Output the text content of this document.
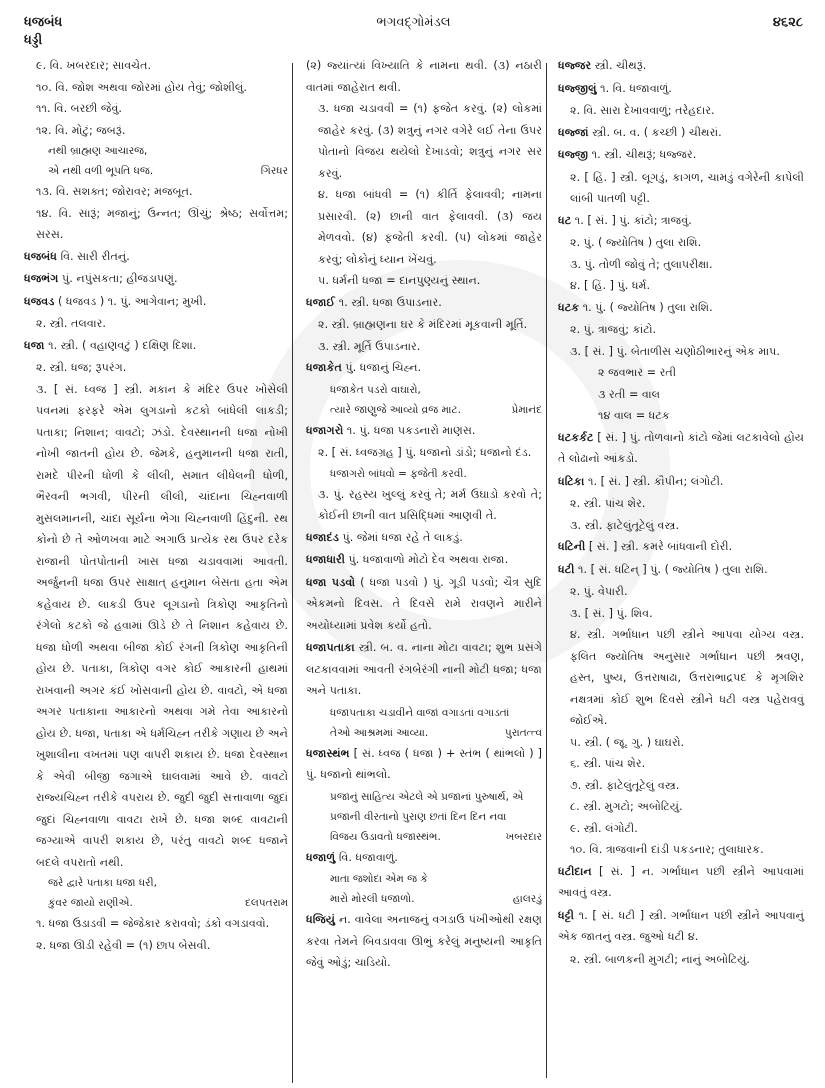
ધજબંધ	ભગવદ્ગોમંડલ	૪૬૨૮
ધડ્ડી
૯. વિ. ખબરદાર; સાવચેત.
૧૦. વિ. જોશ અથવા જોરમાં હોય તેવું; જોશીલું.
૧૧. વિ. બરછી જેવું.
૧૨. વિ. મોટું; જબરૂં.
નથી બ્રાહ્મણ આચારજ,
એ નથી વળી ભૂપતિ ધજ.	ગિરધર
૧૩. વિ. સશક્ત; જોરાવર; મજબૂત.
૧૪. વિ. સારૂં; મજાનું; ઉન્નત; ઊંચું; શ્રેષ્ઠ; સર્વોત્તમ; સરસ.
ધજબંધ વિ. સારી રીતનું.
ધજભંગ પું. નપુંસકતા; હીજડાપણું.
ધજવડ ( ધજવડ ) ૧. પું. આગેવાન; મુખી.
૨. સ્ત્રી. તલવાર.
ધજા ૧. સ્ત્રી. ( વહાણવટું ) દક્ષિણ દિશા.
૨. સ્ત્રી. ધજ; રૂપરંગ.
૩. [ સં. ધ્વજ ] સ્ત્રી. મકાન કે મંદિર ઉપર ખોસેલી પવનમાં ફરફરે એમ લુગડાનો કટકો બાંધેલી લાકડી; પતાકા; નિશાન; વાવટો; ઝંડો. દેવસ્થાનની ધજા નોખી નોખી જાતની હોય છે. જેમકે, હનુમાનની ધજા રાતી, રામદે પીરની ધોળી કે લીલી, સમાત લીધેલની ધોળી, ભૈરવની ભગવી, પીરની લીલી, ચાંદાના ચિહ્નવાળી મુસલમાનની, ચાંદા સૂર્યના ભેગા ચિહ્નવાળી હિંદુની. રથ કોનો છે તે ઓળખવા માટે અગાઉ પ્રત્યેક રથ ઉપર દરેક રાજાની પોતપોતાની ખાસ ધજા ચડાવવામાં આવતી. અર્જુનની ધજા ઉપર સાક્ષાત્ હનુમાન બેસતા હતા એમ કહેવાય છે. લાકડી ઉપર લૂગડાનો ત્રિકોણ આકૃતિનો રંગેલો કટકો જે હવામાં ઊડે છે તે નિશાન કહેવાય છે. ધજા ધોળી અથવા બીજા કોઈ રંગની ત્રિકોણ આકૃતિની હોય છે. પતાકા, ત્રિકોણ વગર કોઈ આકારની હાથમાં રાખવાની અગર કંઈ ખોસવાની હોય છે. વાવટો, એ ધજા અગર પતાકાના આકારનો અથવા ગમે તેવા આકારનો હોય છે. ધજા, પતાકા એ ધર્મચિહ્ન તરીકે ગણાય છે અને ખુશાલીના વખતમાં પણ વાપરી શકાય છે. ધજા દેવસ્થાન કે એવી બીજી જગાએ ઘાલવામાં આવે છે. વાવટો રાજ્યચિહ્ન તરીકે વપરાય છે. જુદી જુદી સત્તાવાળા જુદાં જુદાં ચિહ્નવાળા વાવટા રાખે છે. ધજા શબ્દ વાવટાની જગ્યાએ વાપરી શકાય છે, પરંતુ વાવટો શબ્દ ધજાને બદલે વપરાતો નથી.
જરે દ્વારે પતાકા ધજા ધરી,
કુંવર જાયો રાણીએ.	દલપતરામ
૧. ધજા ઉડાડવી = જેજેકાર કરાવવો; ડંકો વગડાવવો.
૨. ધજા ઊડી રહેવી = (૧) છાપ બેસવી.
(૨) જ્યાંત્યાં વિખ્યાતિ કે નામના થવી. (૩) નઠારી વાતમાં જાહેરાત થવી.
૩. ધજા ચડાવવી = (૧) ફજેત કરવું. (૨) લોકમાં જાહેર કરવું. (૩) શત્રુનું નગર વગેરે લઈ તેના ઉપર પોતાનો વિજય થયેલો દેખાડવો; શત્રુનું નગર સર કરવું.
૪. ધજા બાંધવી = (૧) કીર્તિ ફેલાવવી; નામના પ્રસારવી. (૨) છાની વાત ફેલાવવી. (૩) જય મેળવવો. (૪) ફજેતી કરવી. (૫) લોકમાં જાહેર કરવું; લોકોનું ધ્યાન ખેંચવું.
૫. ધર્મની ધજા = દાનપુણ્યનું સ્થાન.
ધજાઈ ૧. સ્ત્રી. ધજા ઉપાડનાર.
૨. સ્ત્રી. બ્રાહ્મણના ઘર કે મંદિરમાં મૂકવાની મૂર્તિ.
૩. સ્ત્રી. મૂર્તિ ઉપાડનાર.
ધજાકેત પું. ધજાનું ચિહ્ન.
ધજાકેત પડરો વાઘારો,
ત્યારે જાણુજે આવ્યો વ્રજ માટ.	પ્રેમાનંદ
ધજાગરો ૧. પું. ધજા પકડનારો માણસ.
૨. [ સં. ધ્વજગ્રહ ] પું. ધજાનો ડાંડો; ધજાનો દંડ.
ધજાગરો બાંધવો = ફજેતી કરવી.
૩. પું. રહસ્ય ખુલ્લું કરવું તે; મર્મ ઉઘાડો કરવો તે; કોઈની છાની વાત પ્રસિદ્ધિમાં આણવી તે.
ધજાદંડ પું. જેમાં ધજા રહે તે લાકડું.
ધજાધારી પું. ધજાવાળો મોટો દેવ અથવા રાજા.
ધજા પડવો ( ધજા પડવો ) પું. ગૂડી પડવો; ચૈત્ર સુદિ એકમનો દિવસ. તે દિવસે રામે રાવણને મારીને અયોધ્યામાં પ્રવેશ કર્યો હતો.
ધજાપતાકા સ્ત્રી. બ. વ. નાના મોટા વાવટા; શુભ પ્રસંગે લટકાવવામાં આવતી રંગબેરંગી નાની મોટી ધજા; ધજા અને પતાકા.
ધજાપતાકા ચડાવીને વાજાં વગાડતાં વગાડતાં
તેઓ આશ્રમમાં આવ્યા.	પુરાતત્ત્વ
ધજાસ્થંભ [ સં. ધ્વજ ( ધજા ) + સ્તંભ ( થાંભલો ) ] પું. ધજાનો થાંભલો.
પ્રજાનું સાહિત્ય એટલે એ પ્રજાનાં પુરુષાર્થ, એ
પ્રજાની વીરતાનો પુરાણ છતાં દિન દિન નવા
વિજય ઉડાવતો ધજાસ્થંભ.	ખબરદાર
ધજાળું વિ. ધજાવાળું.
માતા જશોદા એમ જ કે
મારો મોરલી ધજાળો.	હાલરડું
ધજિયું ન. વાવેલા અનાજનું વગડાઉ પંખીઓથી રક્ષણ કરવા તેમને બિવડાવવા ઊભું કરેલું મનુષ્યની આકૃતિ જેવું ઓડું; ચાડિયો.
ધજ્જર સ્ત્રી. ચીથરૂં.
ધજ્જીલું ૧. વિ. ધજાવાળું.
૨. વિ. સારા દેખાવવાળું; તરેહદાર.
ધજ્જાં સ્ત્રી. બ. વ. ( કચ્છી ) ચીથરાં.
ધજ્જી ૧. સ્ત્રી. ચીથરૂં; ધજ્જર.
૨. [ હિં. ] સ્ત્રી. લૂગડું, કાગળ, ચામડું વગેરેની કાપેલી લાંબી પાતળી પટ્ટી.
ધટ ૧. [ સં. ] પું. કાંટો; ત્રાજવું.
૨. પું. ( જ્યોતિષ ) તુલા રાશિ.
૩. પું. તોળી જોવું તે; તુલાપરીક્ષા.
૪. [ હિં. ] પું. ધર્મ.
ધટક ૧. પું. ( જ્યોતિષ ) તુલા રાશિ.
૨. પું. ત્રાજવું; કાંટો.
૩. [ સં. ] પું. બેતાળીસ ચણોઠીભારનું એક માપ.
૨ જવભાર = રતી
૩ રતી = વાલ
૧૪ વાલ = ધટક
ધટકર્કટ [ સં. ] પું. તોળવાનો કાંટો જેમાં લટકાવેલો હોય તે લોઢાનો આંકડો.
ધટિકા ૧. [ સં. ] સ્ત્રી. કૌપીન; લંગોટી.
૨. સ્ત્રી. પાંચ શેર.
૩. સ્ત્રી. ફાટેલુંતૂટેલું વસ્ત્ર.
ધટિની [ સં. ] સ્ત્રી. કમરે બાંધવાની દોરી.
ધટી ૧. [ સં. ધટિન્ ] પું. ( જ્યોતિષ ) તુલા રાશિ.
૨. પું. વેપારી.
૩. [ સં. ] પું. શિવ.
૪. સ્ત્રી. ગર્ભાધાન પછી સ્ત્રીને આપવા યોગ્ય વસ્ત્ર. ફલિત જ્યોતિષ અનુસાર ગર્ભાધાન પછી શ્રવણ, હસ્ત, પુષ્ય, ઉત્તરાષાઢા, ઉત્તરાભાદ્રપદ કે મૃગશિર નક્ષત્રમાં કોઈ શુભ દિવસે સ્ત્રીને ધટી વસ્ત્ર પહેરાવવું જોઈએ.
૫. સ્ત્રી. ( જૂ. ગુ. ) ઘાઘરો.
૬. સ્ત્રી. પાંચ શેર.
૭. સ્ત્રી. ફાટેલુંતૂટેલું વસ્ત્ર.
૮. સ્ત્રી. મુગટો; અબોટિયું.
૯. સ્ત્રી. લંગોટી.
૧૦. વિ. ત્રાજવાની દાંડી પકડનાર; તુલાધારક.
ધટીદાન [ સં. ] ન. ગર્ભાધાન પછી સ્ત્રીને આપવામાં આવતું વસ્ત્ર.
ધટ્ટી ૧. [ સં. ધટી ] સ્ત્રી. ગર્ભાધાન પછી સ્ત્રીને આપવાનું એક જાતનું વસ્ત્ર. જુઓ ધટી ૪.
૨. સ્ત્રી. બાળકની મુગટી; નાનું અબોટિયું.
